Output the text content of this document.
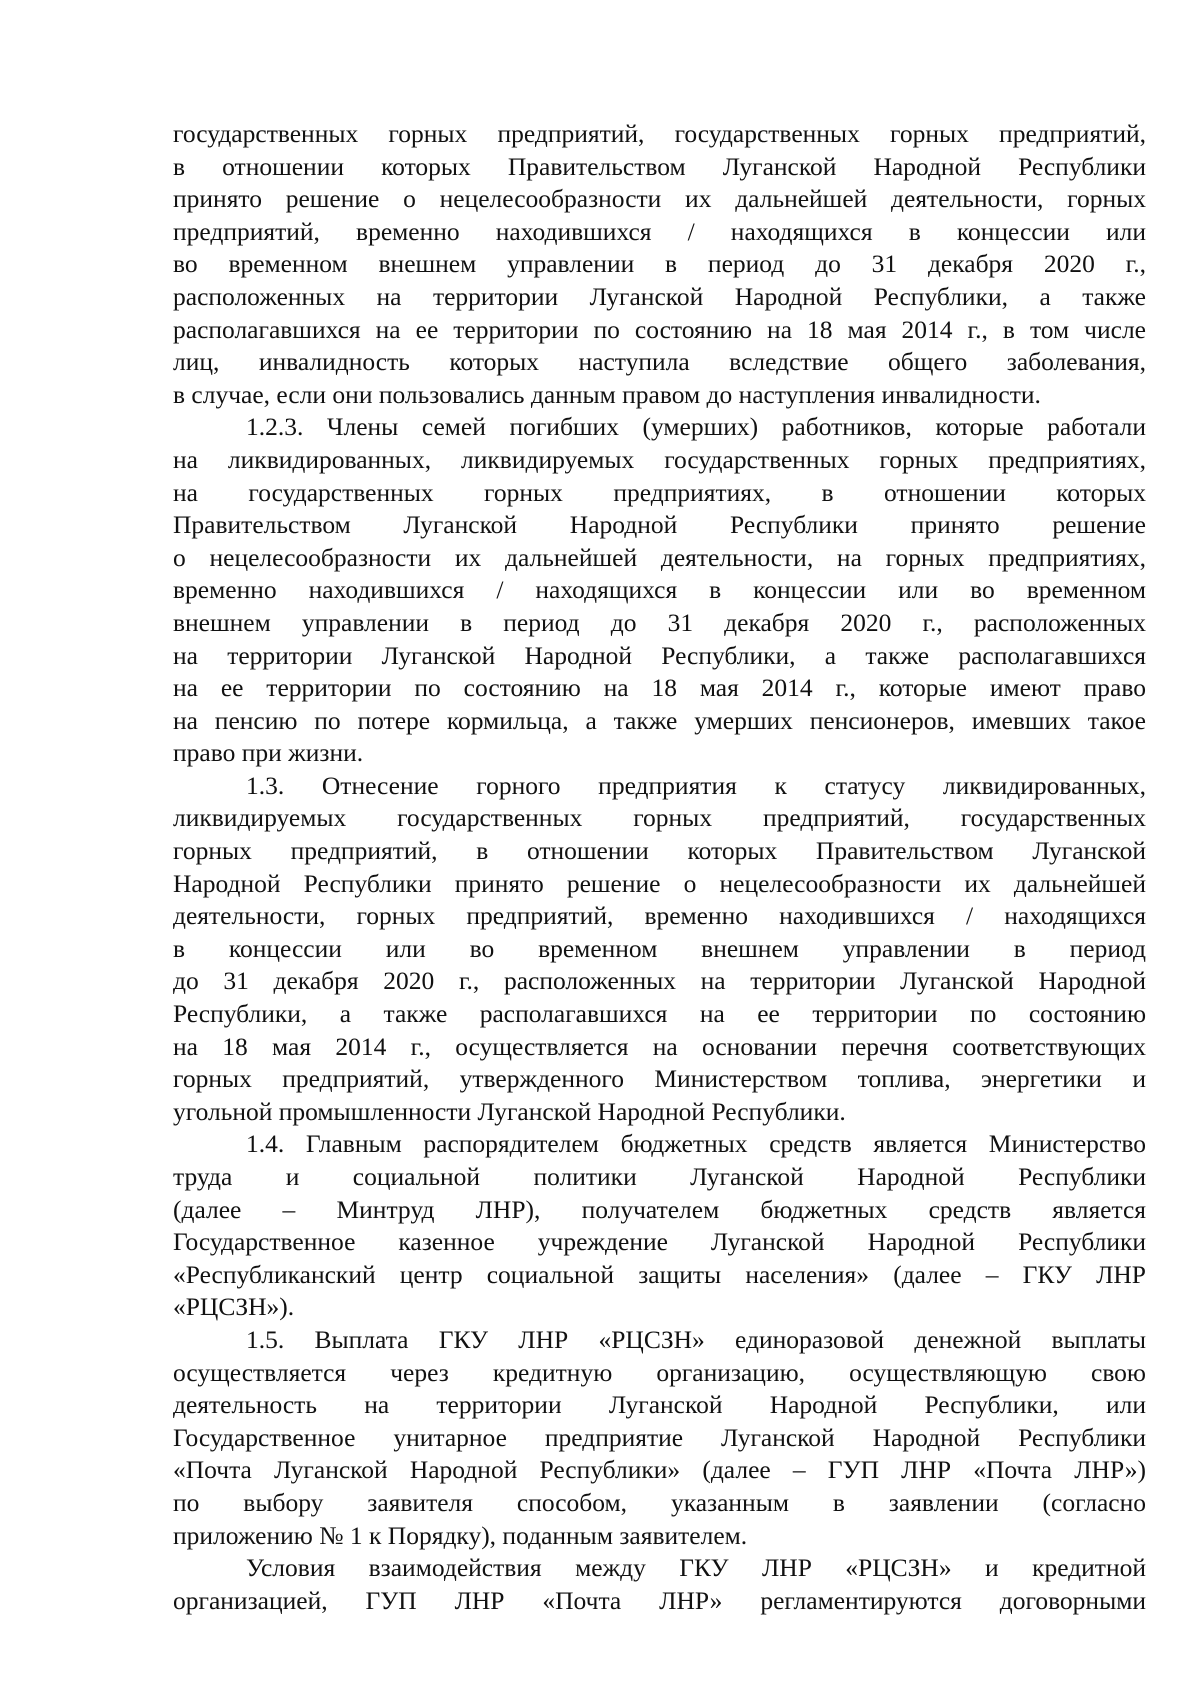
государственных горных предприятий, государственных горных предприятий,
в отношении которых Правительством Луганской Народной Республики
принято решение о нецелесообразности их дальнейшей деятельности, горных
предприятий, временно находившихся / находящихся в концессии или
во временном внешнем управлении в период до 31 декабря 2020 г.,
расположенных на территории Луганской Народной Республики, а также
располагавшихся на ее территории по состоянию на 18 мая 2014 г., в том числе
лиц, инвалидность которых наступила вследствие общего заболевания,
в случае, если они пользовались данным правом до наступления инвалидности.
1.2.3. Члены семей погибших (умерших) работников, которые работали
на ликвидированных, ликвидируемых государственных горных предприятиях,
на государственных горных предприятиях, в отношении которых
Правительством Луганской Народной Республики принято решение
о нецелесообразности их дальнейшей деятельности, на горных предприятиях,
временно находившихся / находящихся в концессии или во временном
внешнем управлении в период до 31 декабря 2020 г., расположенных
на территории Луганской Народной Республики, а также располагавшихся
на ее территории по состоянию на 18 мая 2014 г., которые имеют право
на пенсию по потере кормильца, а также умерших пенсионеров, имевших такое
право при жизни.
1.3. Отнесение горного предприятия к статусу ликвидированных,
ликвидируемых государственных горных предприятий, государственных
горных предприятий, в отношении которых Правительством Луганской
Народной Республики принято решение о нецелесообразности их дальнейшей
деятельности, горных предприятий, временно находившихся / находящихся
в концессии или во временном внешнем управлении в период
до 31 декабря 2020 г., расположенных на территории Луганской Народной
Республики, а также располагавшихся на ее территории по состоянию
на 18 мая 2014 г., осуществляется на основании перечня соответствующих
горных предприятий, утвержденного Министерством топлива, энергетики и
угольной промышленности Луганской Народной Республики.
1.4. Главным распорядителем бюджетных средств является Министерство
труда и социальной политики Луганской Народной Республики
(далее – Минтруд ЛНР), получателем бюджетных средств является
Государственное казенное учреждение Луганской Народной Республики
«Республиканский центр социальной защиты населения» (далее – ГКУ ЛНР
«РЦСЗН»).
1.5. Выплата ГКУ ЛНР «РЦСЗН» единоразовой денежной выплаты
осуществляется через кредитную организацию, осуществляющую свою
деятельность на территории Луганской Народной Республики, или
Государственное унитарное предприятие Луганской Народной Республики
«Почта Луганской Народной Республики» (далее – ГУП ЛНР «Почта ЛНР»)
по выбору заявителя способом, указанным в заявлении (согласно
приложению № 1 к Порядку), поданным заявителем.
Условия взаимодействия между ГКУ ЛНР «РЦСЗН» и кредитной
организацией, ГУП ЛНР «Почта ЛНР» регламентируются договорными
